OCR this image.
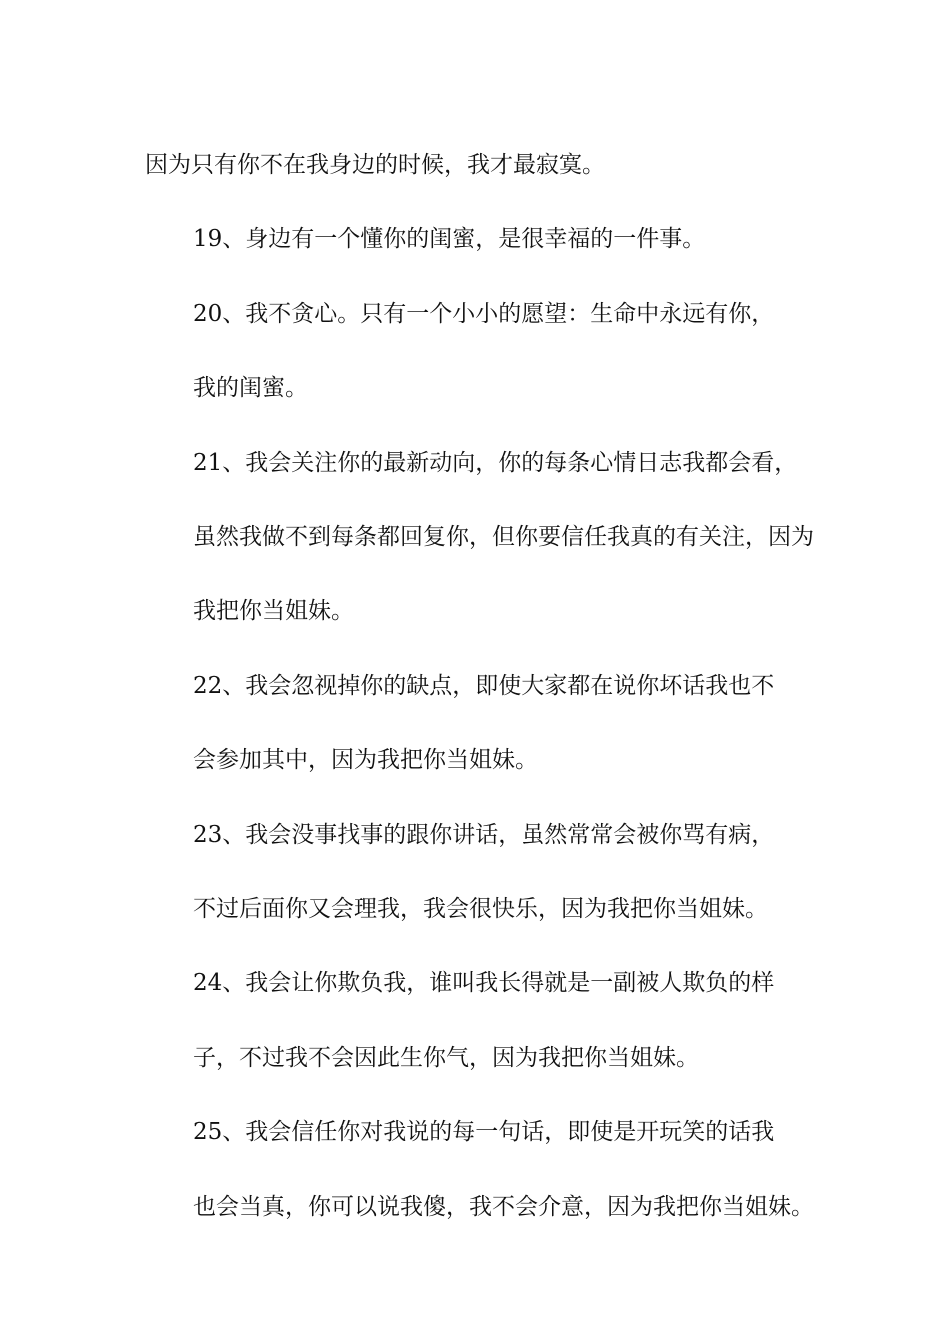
因为只有你不在我身边的时候，我才最寂寞。

19、身边有一个懂你的闺蜜，是很幸福的一件事。

20、我不贪心。只有一个小小的愿望：生命中永远有你，
我的闺蜜。

21、我会关注你的最新动向，你的每条心情日志我都会看，
虽然我做不到每条都回复你，但你要信任我真的有关注，因为
我把你当姐妹。

22、我会忽视掉你的缺点，即使大家都在说你坏话我也不
会参加其中，因为我把你当姐妹。

23、我会没事找事的跟你讲话，虽然常常会被你骂有病，
不过后面你又会理我，我会很快乐，因为我把你当姐妹。

24、我会让你欺负我，谁叫我长得就是一副被人欺负的样
子，不过我不会因此生你气，因为我把你当姐妹。

25、我会信任你对我说的每一句话，即使是开玩笑的话我
也会当真，你可以说我傻，我不会介意，因为我把你当姐妹。
